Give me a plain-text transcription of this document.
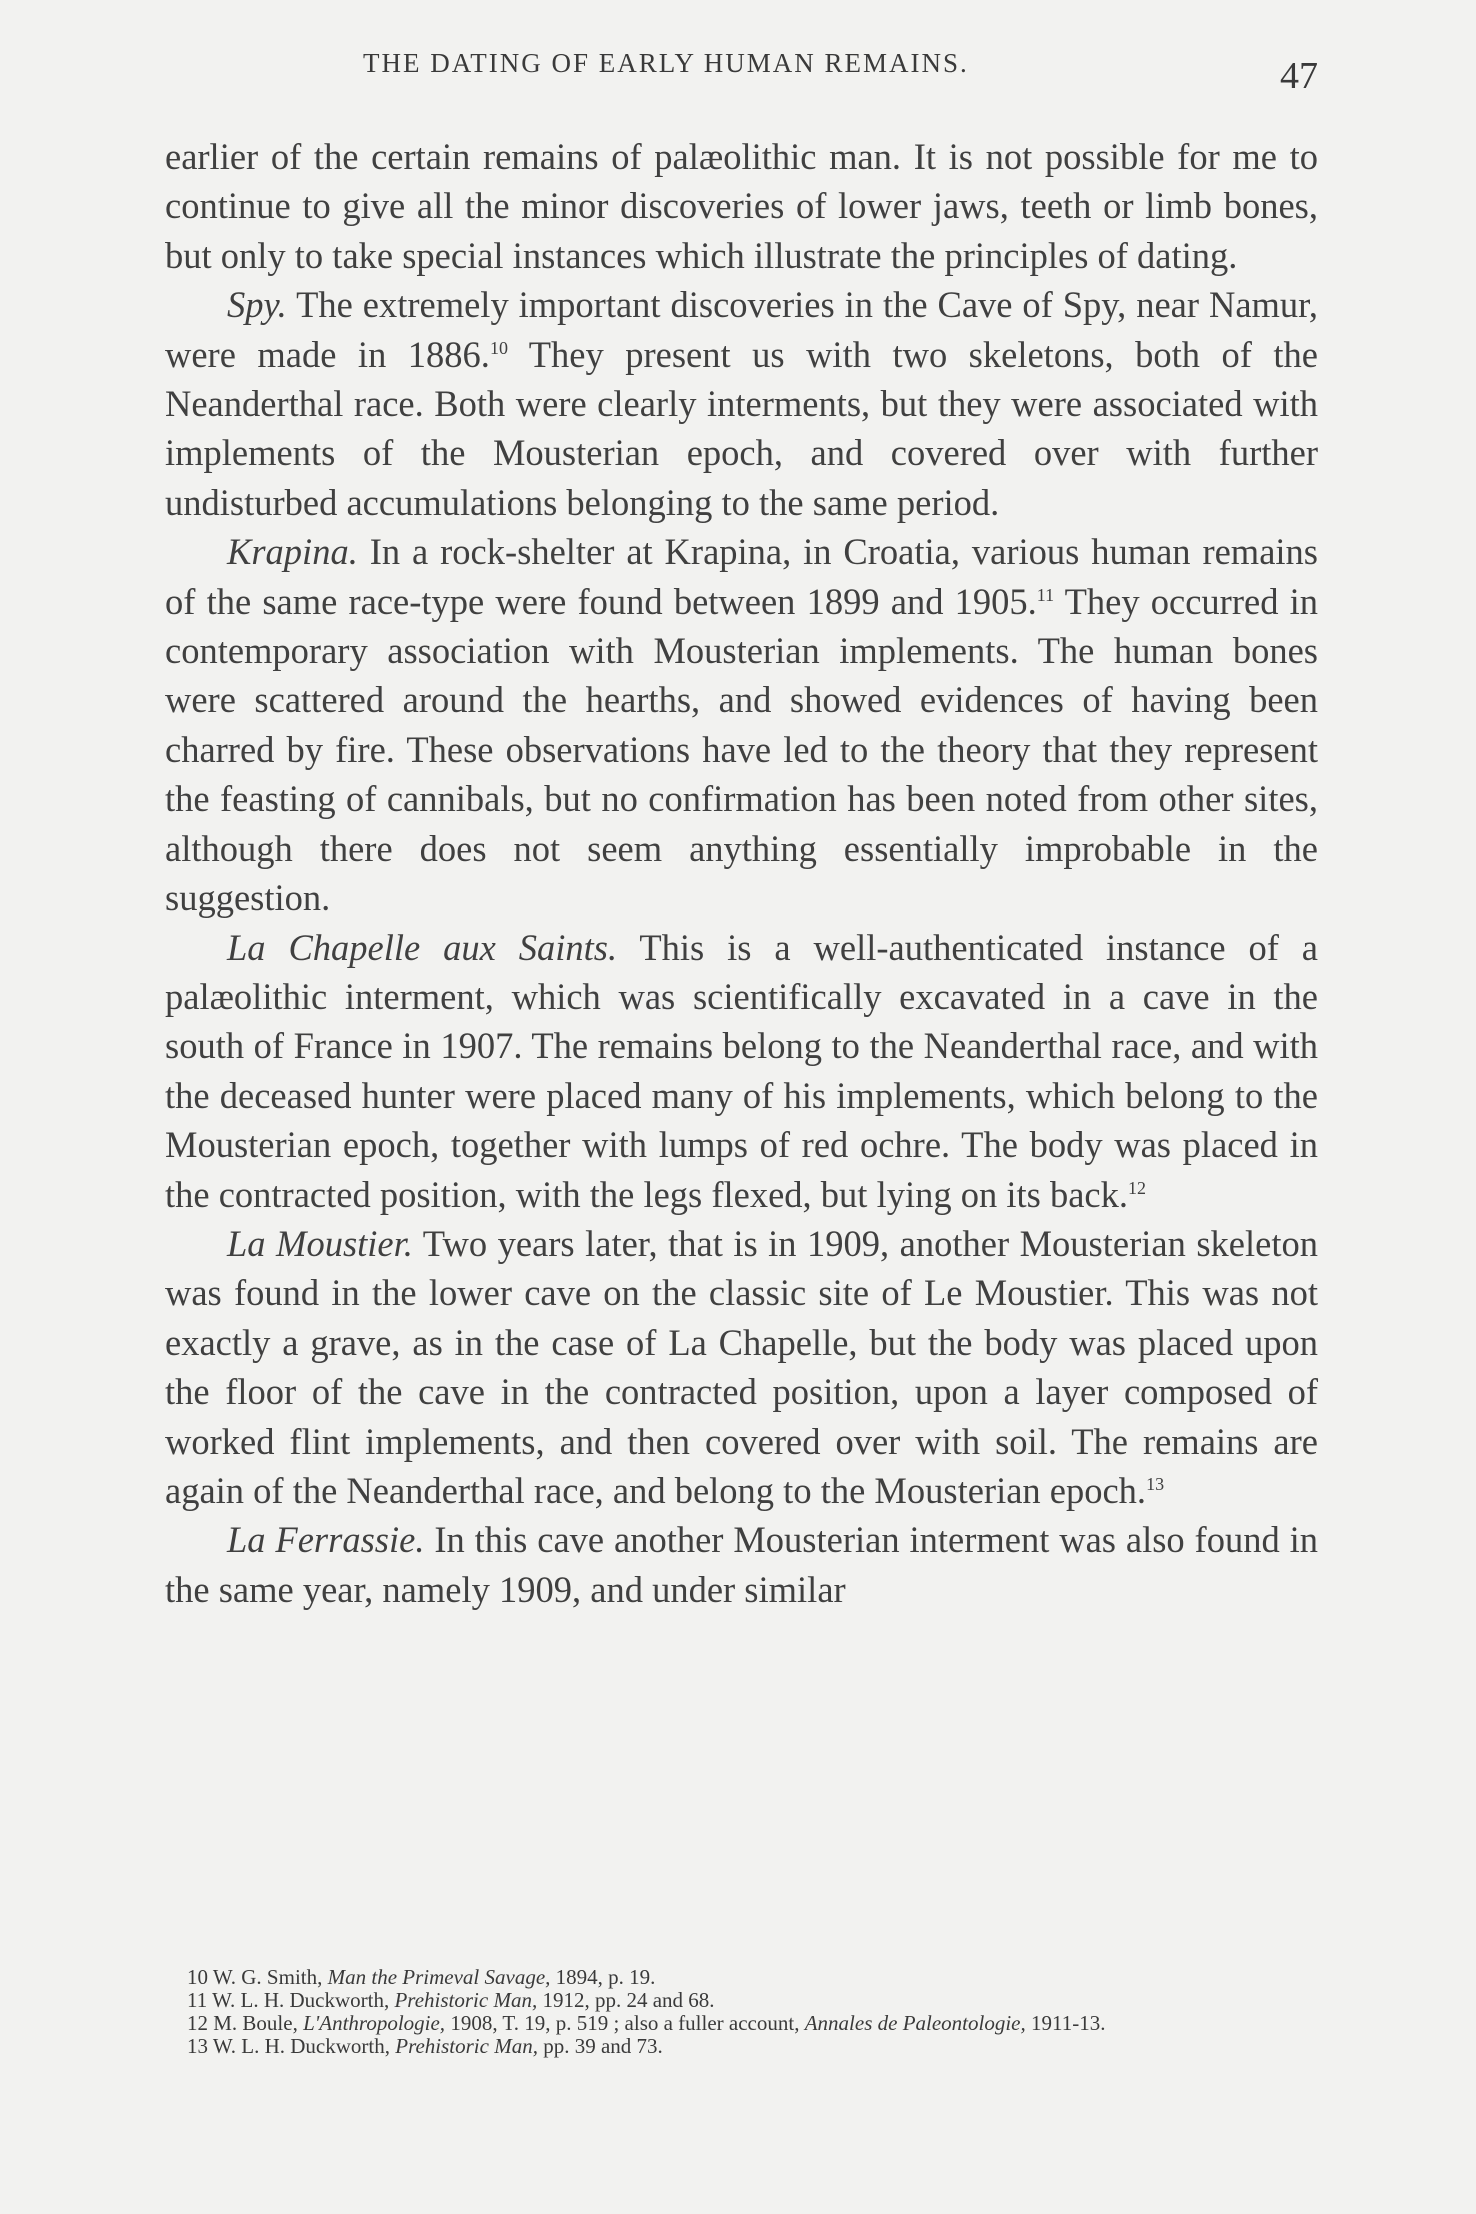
THE DATING OF EARLY HUMAN REMAINS.	47

earlier of the certain remains of palæolithic man. It is not possible for me to continue to give all the minor discoveries of lower jaws, teeth or limb bones, but only to take special instances which illustrate the principles of dating.

Spy. The extremely important discoveries in the Cave of Spy, near Namur, were made in 1886.10 They present us with two skeletons, both of the Neanderthal race. Both were clearly interments, but they were associated with implements of the Mousterian epoch, and covered over with further undisturbed accumulations belonging to the same period.

Krapina. In a rock-shelter at Krapina, in Croatia, various human remains of the same race-type were found between 1899 and 1905.11 They occurred in contemporary association with Mousterian implements. The human bones were scattered around the hearths, and showed evidences of having been charred by fire. These observations have led to the theory that they represent the feasting of cannibals, but no confirmation has been noted from other sites, although there does not seem anything essentially improbable in the suggestion.

La Chapelle aux Saints. This is a well-authenticated instance of a palæolithic interment, which was scientifically excavated in a cave in the south of France in 1907. The remains belong to the Neanderthal race, and with the deceased hunter were placed many of his implements, which belong to the Mousterian epoch, together with lumps of red ochre. The body was placed in the contracted position, with the legs flexed, but lying on its back.$^{12}$

La Moustier. Two years later, that is in 1909, another Mousterian skeleton was found in the lower cave on the classic site of Le Moustier. This was not exactly a grave, as in the case of La Chapelle, but the body was placed upon the floor of the cave in the contracted position, upon a layer composed of worked flint implements, and then covered over with soil. The remains are again of the Neanderthal race, and belong to the Mousterian epoch.$^{13}$

La Ferrassie. In this cave another Mousterian interment was also found in the same year, namely 1909, and under similar

10 W. G. Smith, Man the Primeval Savage, 1894, p. 19.

11 W. L. H. Duckworth, Prehistoric Man, 1912, pp. 24 and 68.

12 M. Boule, L'Anthropologie, 1908, T. 19, p. 519 ; also a fuller account, Annales de Paleontologie, 1911-13.

13 W. L. H. Duckworth, Prehistoric Man, pp. 39 and 73.
